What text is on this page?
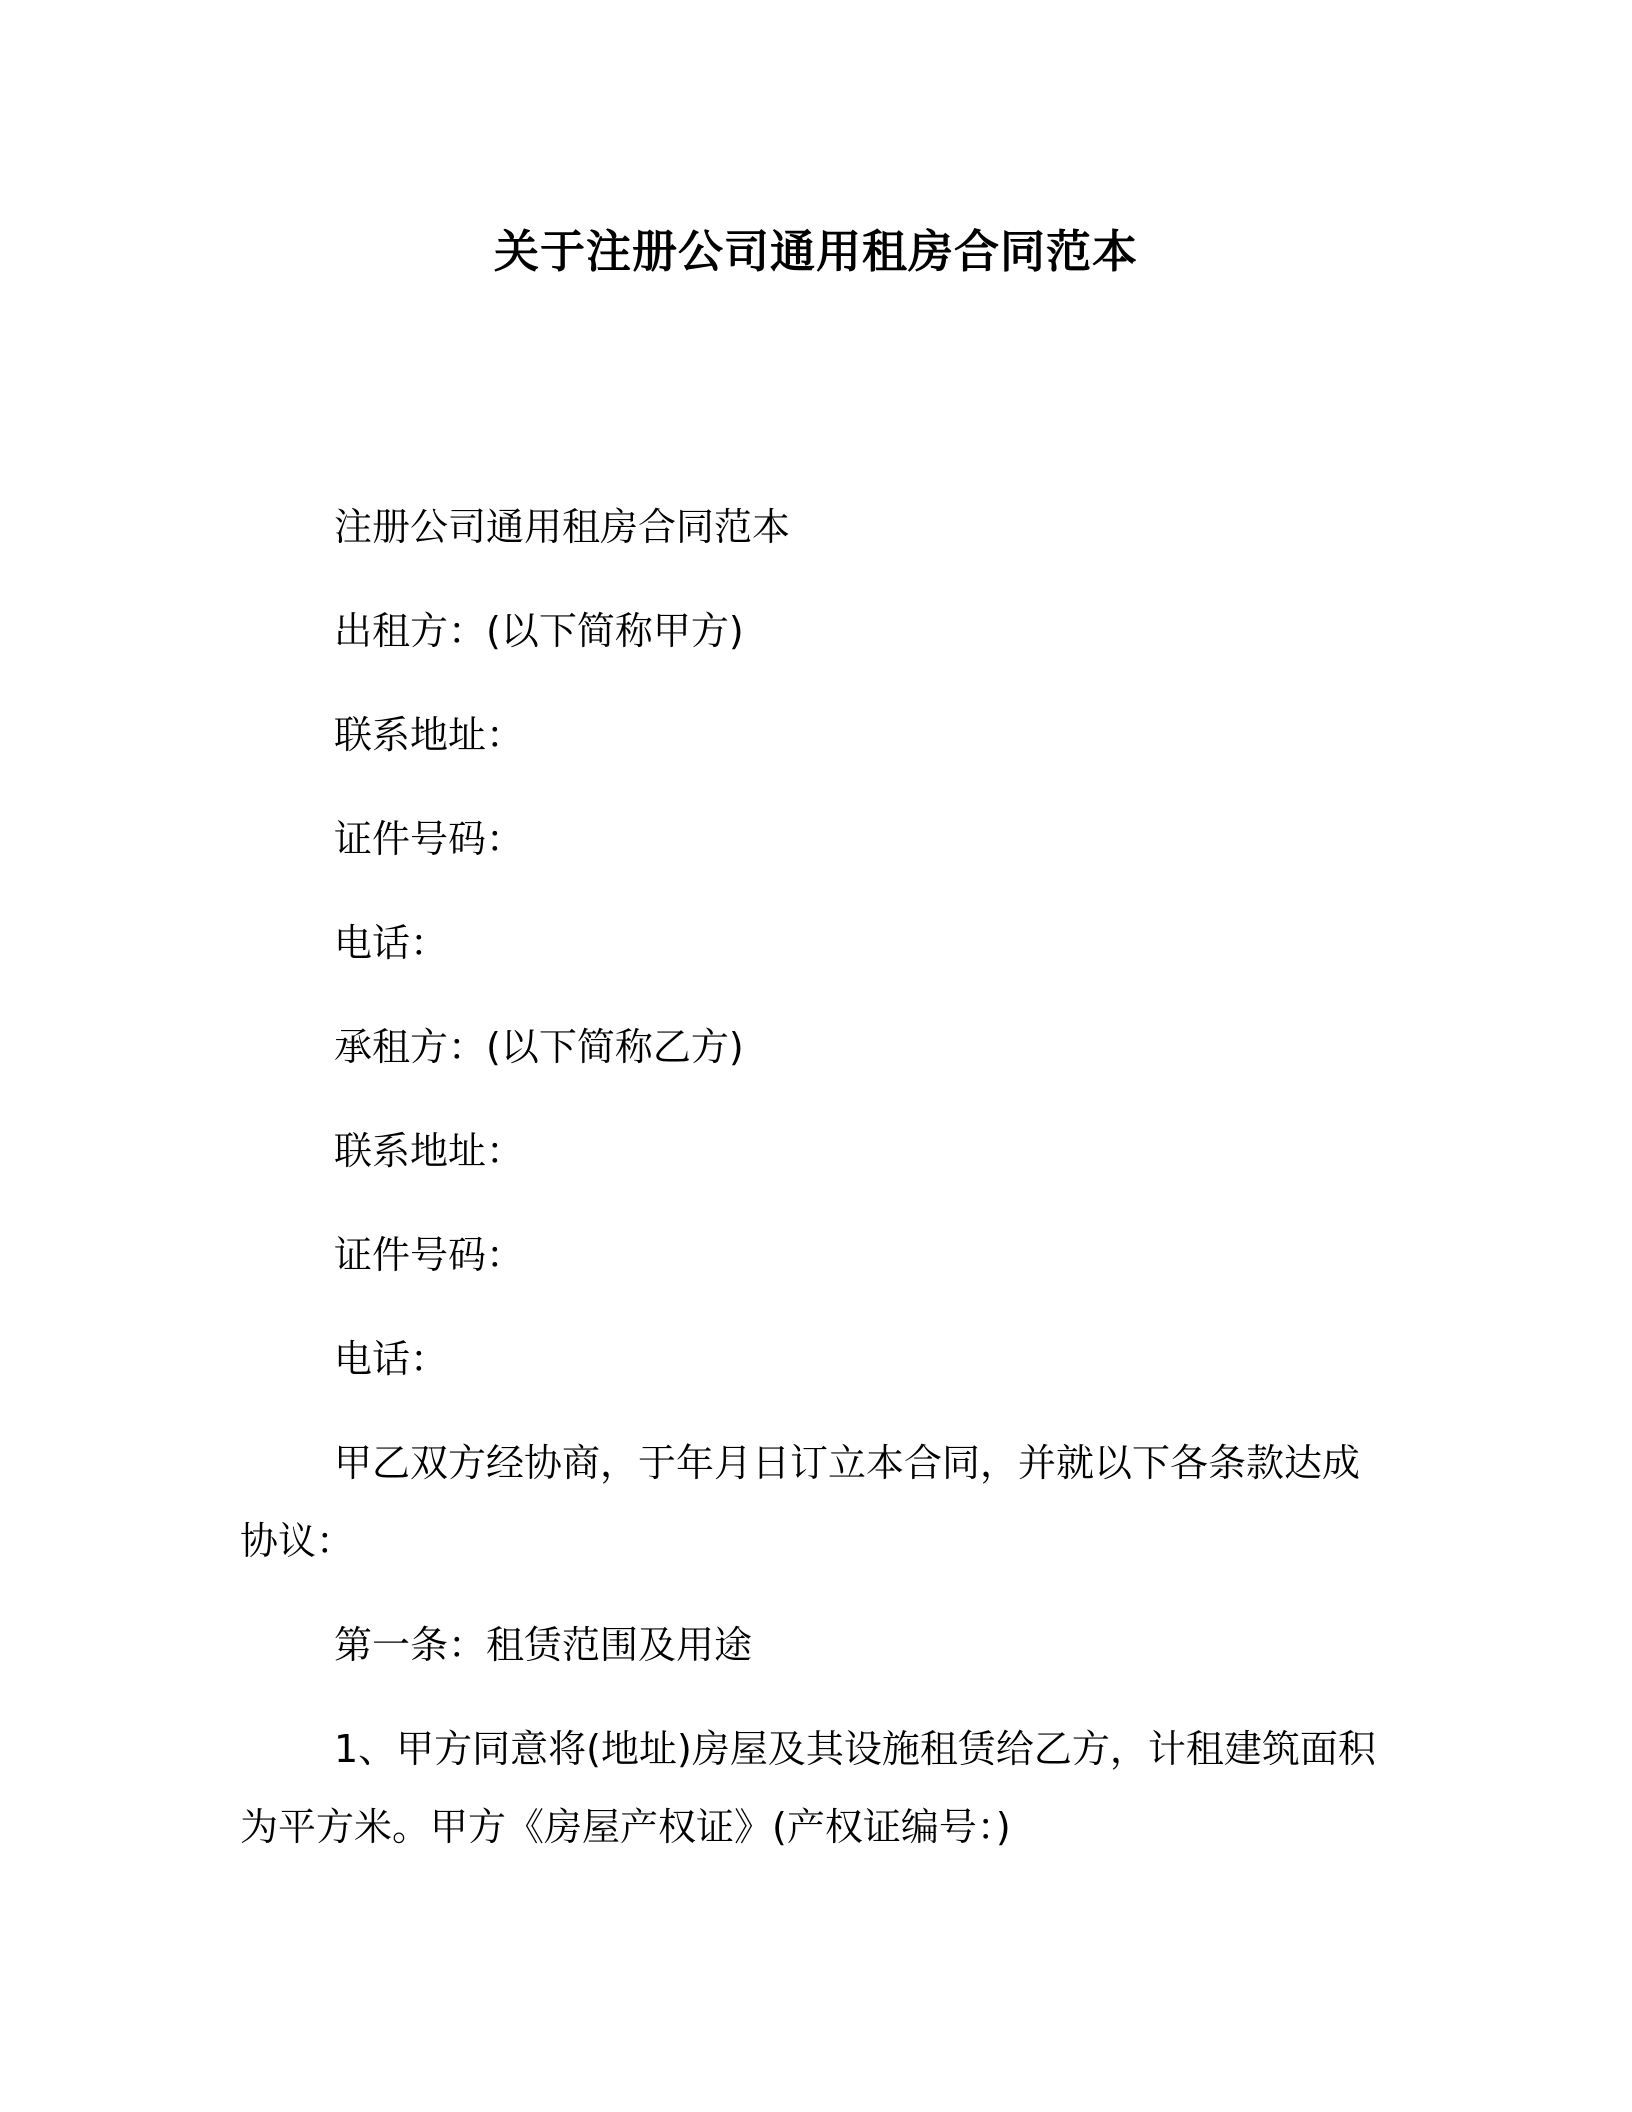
关于注册公司通用租房合同范本

注册公司通用租房合同范本

出租方：(以下简称甲方)

联系地址：

证件号码：

电话：

承租方：(以下简称乙方)

联系地址：

证件号码：

电话：

甲乙双方经协商，于年月日订立本合同，并就以下各条款达成协议：

第一条：租赁范围及用途

1、甲方同意将(地址)房屋及其设施租赁给乙方，计租建筑面积为平方米。甲方《房屋产权证》(产权证编号：)
